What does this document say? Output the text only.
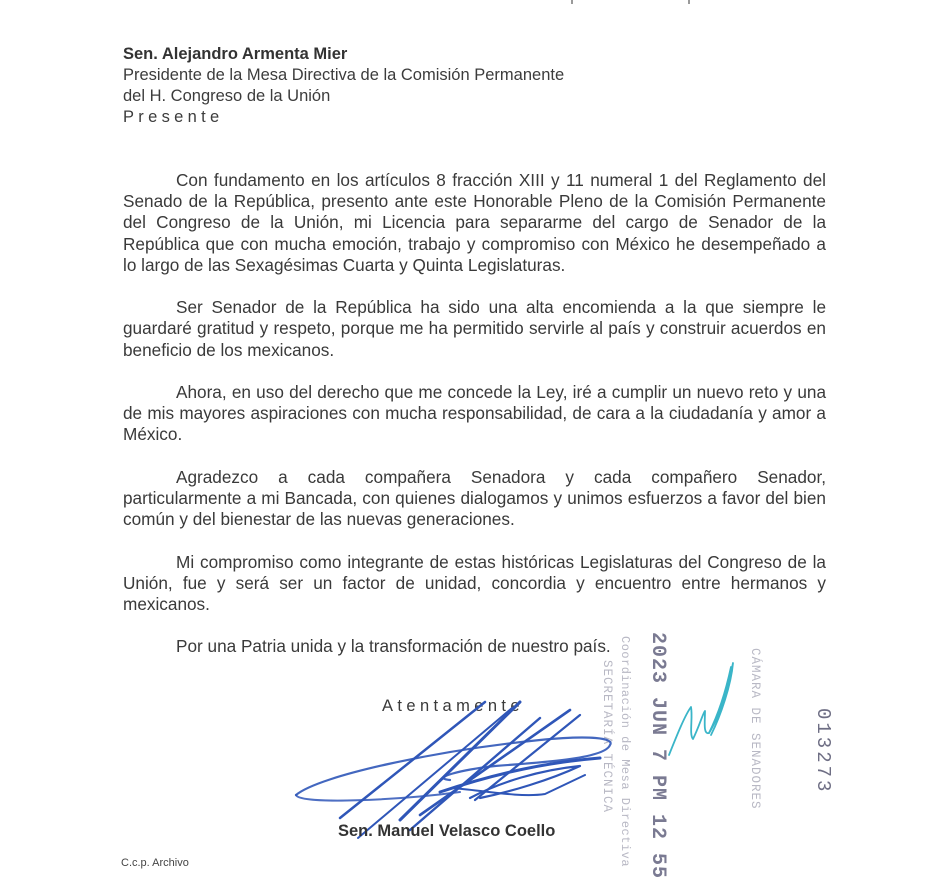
Sen. Alejandro Armenta Mier
Presidente de la Mesa Directiva de la Comisión Permanente
del H. Congreso de la Unión
Presente

Con fundamento en los artículos 8 fracción XIII y 11 numeral 1 del Reglamento del Senado de la República, presento ante este Honorable Pleno de la Comisión Permanente del Congreso de la Unión, mi Licencia para separarme del cargo de Senador de la República que con mucha emoción, trabajo y compromiso con México he desempeñado a lo largo de las Sexagésimas Cuarta y Quinta Legislaturas.

Ser Senador de la República ha sido una alta encomienda a la que siempre le guardaré gratitud y respeto, porque me ha permitido servirle al país y construir acuerdos en beneficio de los mexicanos.

Ahora, en uso del derecho que me concede la Ley, iré a cumplir un nuevo reto y una de mis mayores aspiraciones con mucha responsabilidad, de cara a la ciudadanía y amor a México.

Agradezco a cada compañera Senadora y cada compañero Senador, particularmente a mi Bancada, con quienes dialogamos y unimos esfuerzos a favor del bien común y del bienestar de las nuevas generaciones.

Mi compromiso como integrante de estas históricas Legislaturas del Congreso de la Unión, fue y será ser un factor de unidad, concordia y encuentro entre hermanos y mexicanos.

Por una Patria unida y la transformación de nuestro país.

SECRETARÍA TÉCNICA Coordinación de Mesa Directiva 2023 JUN 7 PM 12 55	CÁMARA DE SENADORES	013273
Atentamente
Sen. Manuel Velasco Coello
C.c.p. Archivo
